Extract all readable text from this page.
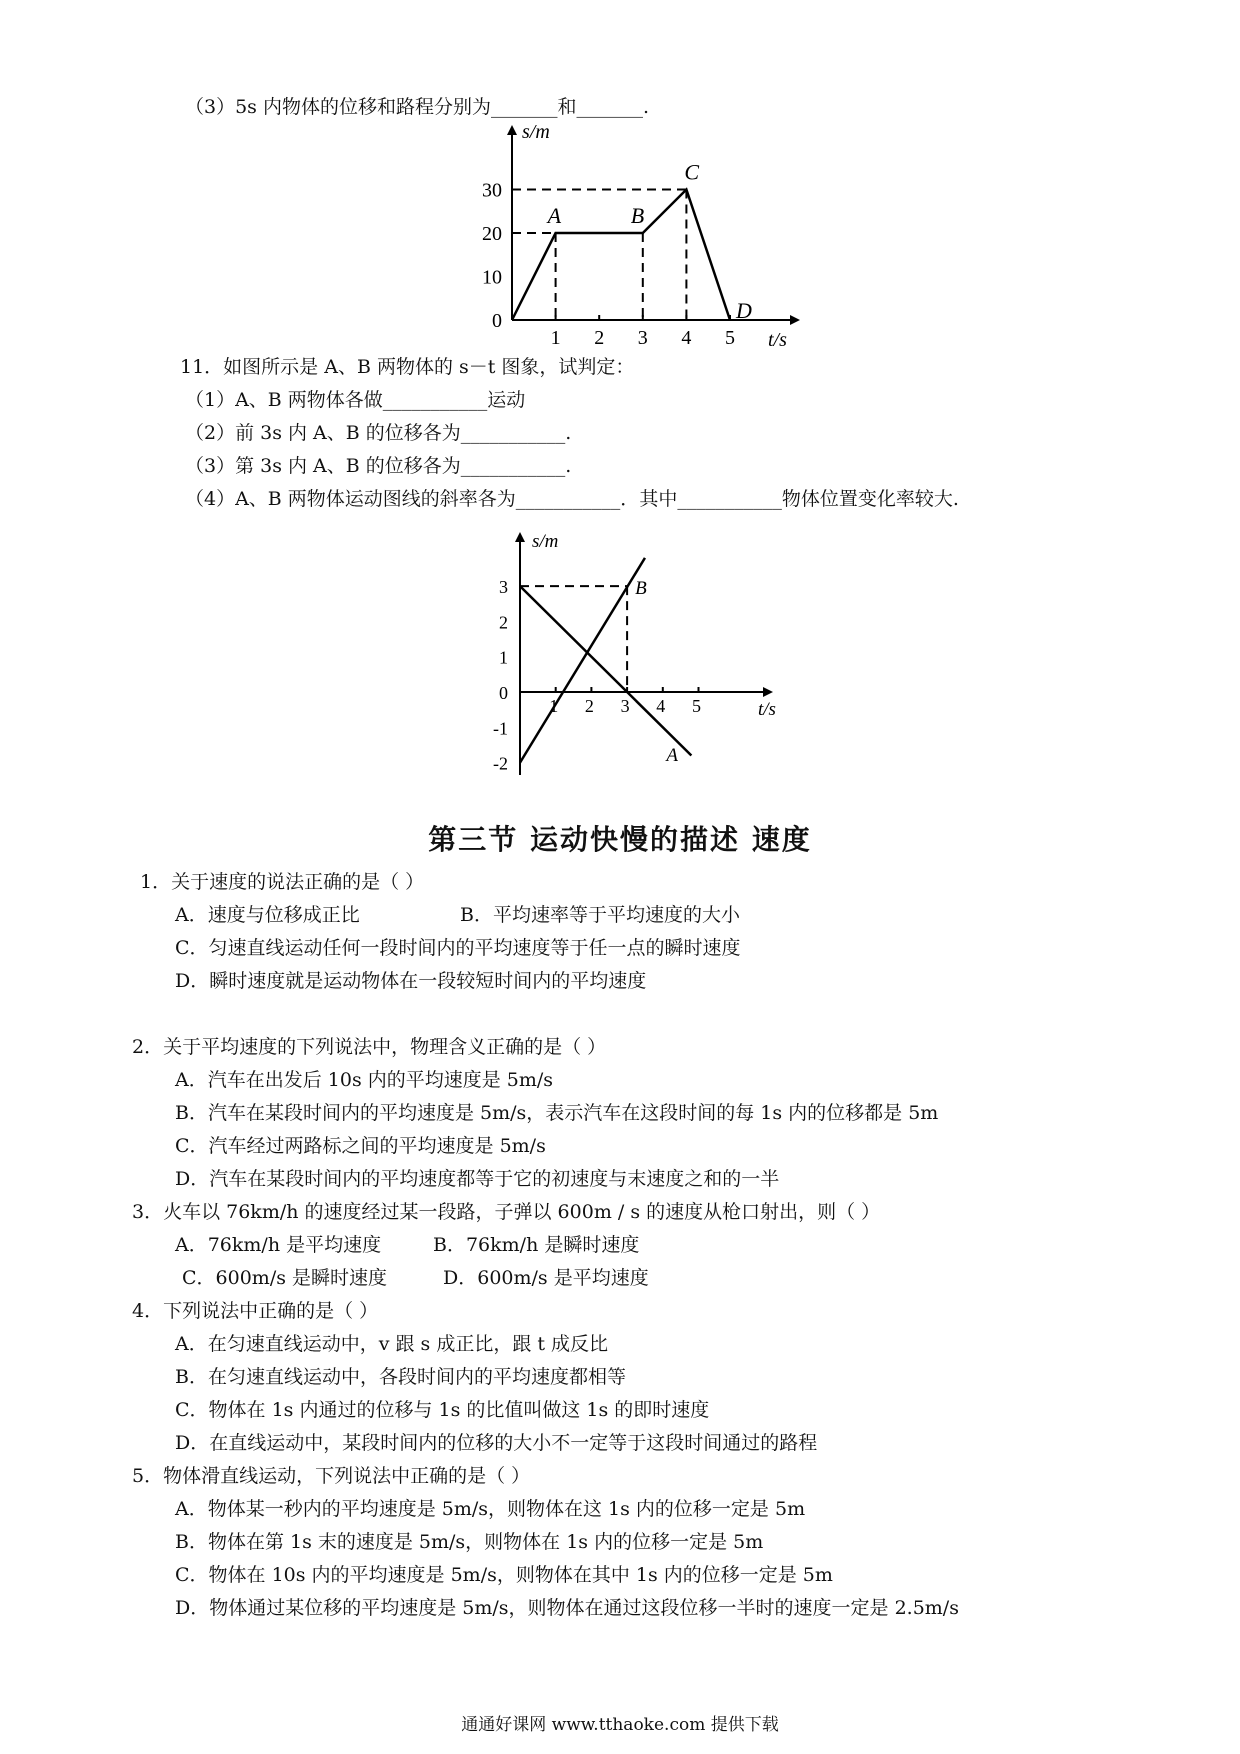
（3）5s 内物体的位移和路程分别为_______和_______.
A	B
C
D
30
20
10
0
1 2 3 4 5
s/m
t/s
11．如图所示是 A、B 两物体的 s－t 图象，试判定：
（1）A、B 两物体各做___________运动
（2）前 3s 内 A、B 的位移各为___________.
（3）第 3s 内 A、B 的位移各为___________.
（4）A、B 两物体运动图线的斜率各为___________．其中___________物体位置变化率较大.
B
A
3
2
1
0
-1
-2
1 2 3 4 5
s/m
t/s
第三节 运动快慢的描述 速度
1．关于速度的说法正确的是（ ）
A．速度与位移成正比	B．平均速率等于平均速度的大小
C．匀速直线运动任何一段时间内的平均速度等于任一点的瞬时速度
D．瞬时速度就是运动物体在一段较短时间内的平均速度
2．关于平均速度的下列说法中，物理含义正确的是（ ）
A．汽车在出发后 10s 内的平均速度是 5m/s
B．汽车在某段时间内的平均速度是 5m/s，表示汽车在这段时间的每 1s 内的位移都是 5m
C．汽车经过两路标之间的平均速度是 5m/s
D．汽车在某段时间内的平均速度都等于它的初速度与末速度之和的一半
3．火车以 76km/h 的速度经过某一段路，子弹以 600m / s 的速度从枪口射出，则（ ）
A．76km/h 是平均速度	B．76km/h 是瞬时速度
C．600m/s 是瞬时速度	D．600m/s 是平均速度
4．下列说法中正确的是（ ）
A．在匀速直线运动中，v 跟 s 成正比，跟 t 成反比
B．在匀速直线运动中，各段时间内的平均速度都相等
C．物体在 1s 内通过的位移与 1s 的比值叫做这 1s 的即时速度
D．在直线运动中，某段时间内的位移的大小不一定等于这段时间通过的路程
5．物体滑直线运动，下列说法中正确的是（ ）
A．物体某一秒内的平均速度是 5m/s，则物体在这 1s 内的位移一定是 5m
B．物体在第 1s 末的速度是 5m/s，则物体在 1s 内的位移一定是 5m
C．物体在 10s 内的平均速度是 5m/s，则物体在其中 1s 内的位移一定是 5m
D．物体通过某位移的平均速度是 5m/s，则物体在通过这段位移一半时的速度一定是 2.5m/s
通通好课网 www.tthaoke.com 提供下载
